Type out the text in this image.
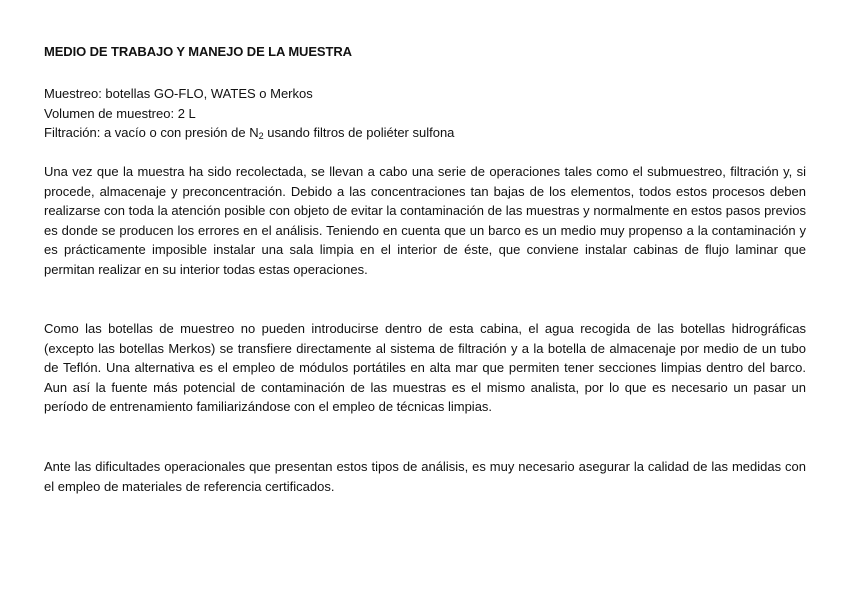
MEDIO DE TRABAJO Y MANEJO DE LA MUESTRA
Muestreo: botellas GO-FLO, WATES o Merkos
Volumen de muestreo: 2 L
Filtración: a vacío o con presión de $N_2$ usando filtros de poliéter sulfona

Una vez que la muestra ha sido recolectada, se llevan a cabo una serie de operaciones tales como el submuestreo, filtración y, si procede, almacenaje y preconcentración. Debido a las concentraciones tan bajas de los elementos, todos estos procesos deben realizarse con toda la atención posible con objeto de evitar la contaminación de las muestras y normalmente en estos pasos previos es donde se producen los errores en el análisis. Teniendo en cuenta que un barco es un medio muy propenso a la contaminación y es prácticamente imposible instalar una sala limpia en el interior de éste, que conviene instalar cabinas de flujo laminar que permitan realizar en su interior todas estas operaciones.

Como las botellas de muestreo no pueden introducirse dentro de esta cabina, el agua recogida de las botellas hidrográficas (excepto las botellas Merkos) se transfiere directamente al sistema de filtración y a la botella de almacenaje por medio de un tubo de Teflón. Una alternativa es el empleo de módulos portátiles en alta mar que permiten tener secciones limpias dentro del barco. Aun así la fuente más potencial de contaminación de las muestras es el mismo analista, por lo que es necesario un pasar un período de entrenamiento familiarizándose con el empleo de técnicas limpias.

Ante las dificultades operacionales que presentan estos tipos de análisis, es muy necesario asegurar la calidad de las medidas con el empleo de materiales de referencia certificados.
